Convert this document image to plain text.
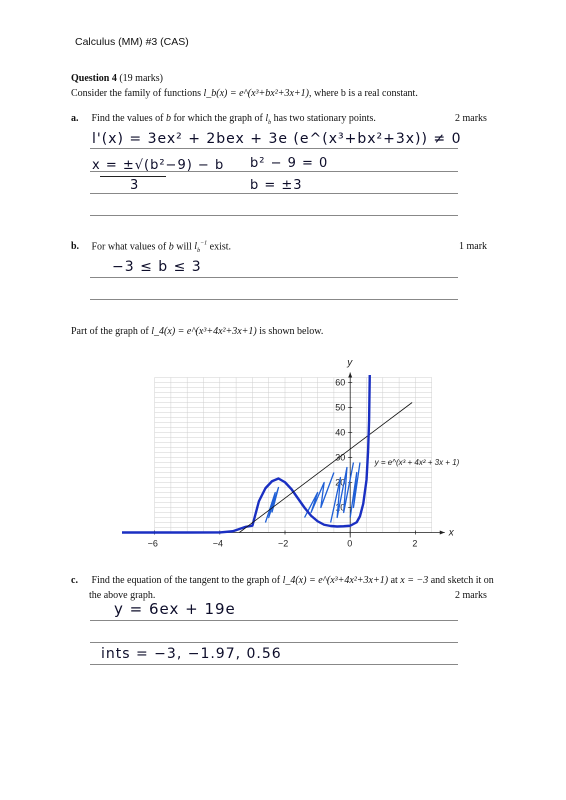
Calculus (MM) #3 (CAS)
Question 4 (19 marks)
Consider the family of functions l_b(x) = e^(x³+bx²+3x+1), where b is a real constant.
a. Find the values of b for which the graph of $l_b$ has two stationary points.	2 marks
l'(x) = 3ex² + 2bex + 3e (e^(x³+bx²+3x)) ≠ 0
x = ±√(b²−9) − b
3
b² − 9 = 0
b = ±3
b. For what values of b will $l_b^{-1}$ exist.	1 mark
−3 ≤ b ≤ 3
Part of the graph of l_4(x) = e^(x³+4x²+3x+1) is shown below.
−6	−4	−2	0	2
10
20
30
40
50
60
x
y
y = e^(x³ + 4x² + 3x + 1)
c. Find the equation of the tangent to the graph of l_4(x) = e^(x³+4x²+3x+1) at x = −3 and sketch it on
the above graph.	2 marks
y = 6ex + 19e
ints = −3, −1.97, 0.56
